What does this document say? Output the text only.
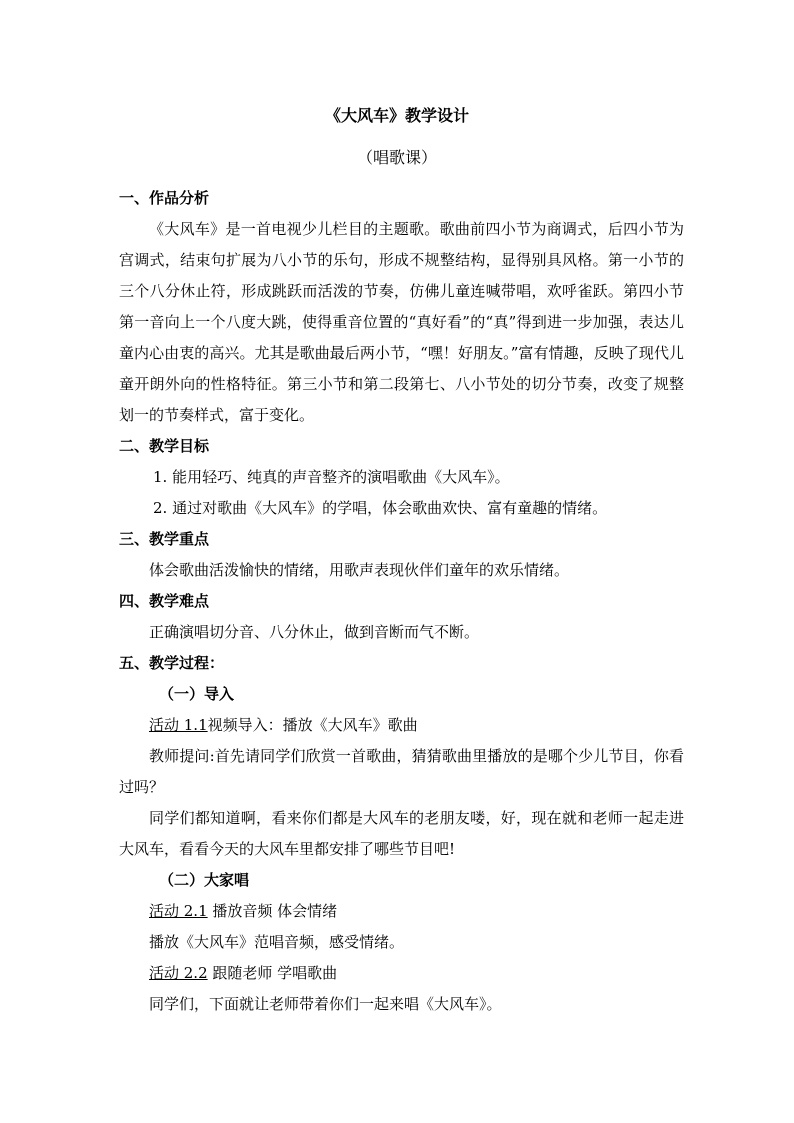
《大风车》教学设计
（唱歌课）

一、作品分析

《大风车》是一首电视少儿栏目的主题歌。歌曲前四小节为商调式，后四小节为宫调式，结束句扩展为八小节的乐句，形成不规整结构，显得别具风格。第一小节的三个八分休止符，形成跳跃而活泼的节奏，仿佛儿童连喊带唱，欢呼雀跃。第四小节第一音向上一个八度大跳，使得重音位置的“真好看”的“真”得到进一步加强，表达儿童内心由衷的高兴。尤其是歌曲最后两小节，“嘿！好朋友。”富有情趣，反映了现代儿童开朗外向的性格特征。第三小节和第二段第七、八小节处的切分节奏，改变了规整划一的节奏样式，富于变化。

二、教学目标

1. 能用轻巧、纯真的声音整齐的演唱歌曲《大风车》。

2. 通过对歌曲《大风车》的学唱，体会歌曲欢快、富有童趣的情绪。

三、教学重点

体会歌曲活泼愉快的情绪，用歌声表现伙伴们童年的欢乐情绪。

四、教学难点

正确演唱切分音、八分休止，做到音断而气不断。

五、教学过程：

（一）导入

活动 1.1视频导入：播放《大风车》歌曲

教师提问:首先请同学们欣赏一首歌曲，猜猜歌曲里播放的是哪个少儿节目，你看过吗？

同学们都知道啊，看来你们都是大风车的老朋友喽，好，现在就和老师一起走进大风车，看看今天的大风车里都安排了哪些节目吧!

（二）大家唱

活动 2.1 播放音频 体会情绪

播放《大风车》范唱音频，感受情绪。

活动 2.2 跟随老师 学唱歌曲

同学们，下面就让老师带着你们一起来唱《大风车》。
